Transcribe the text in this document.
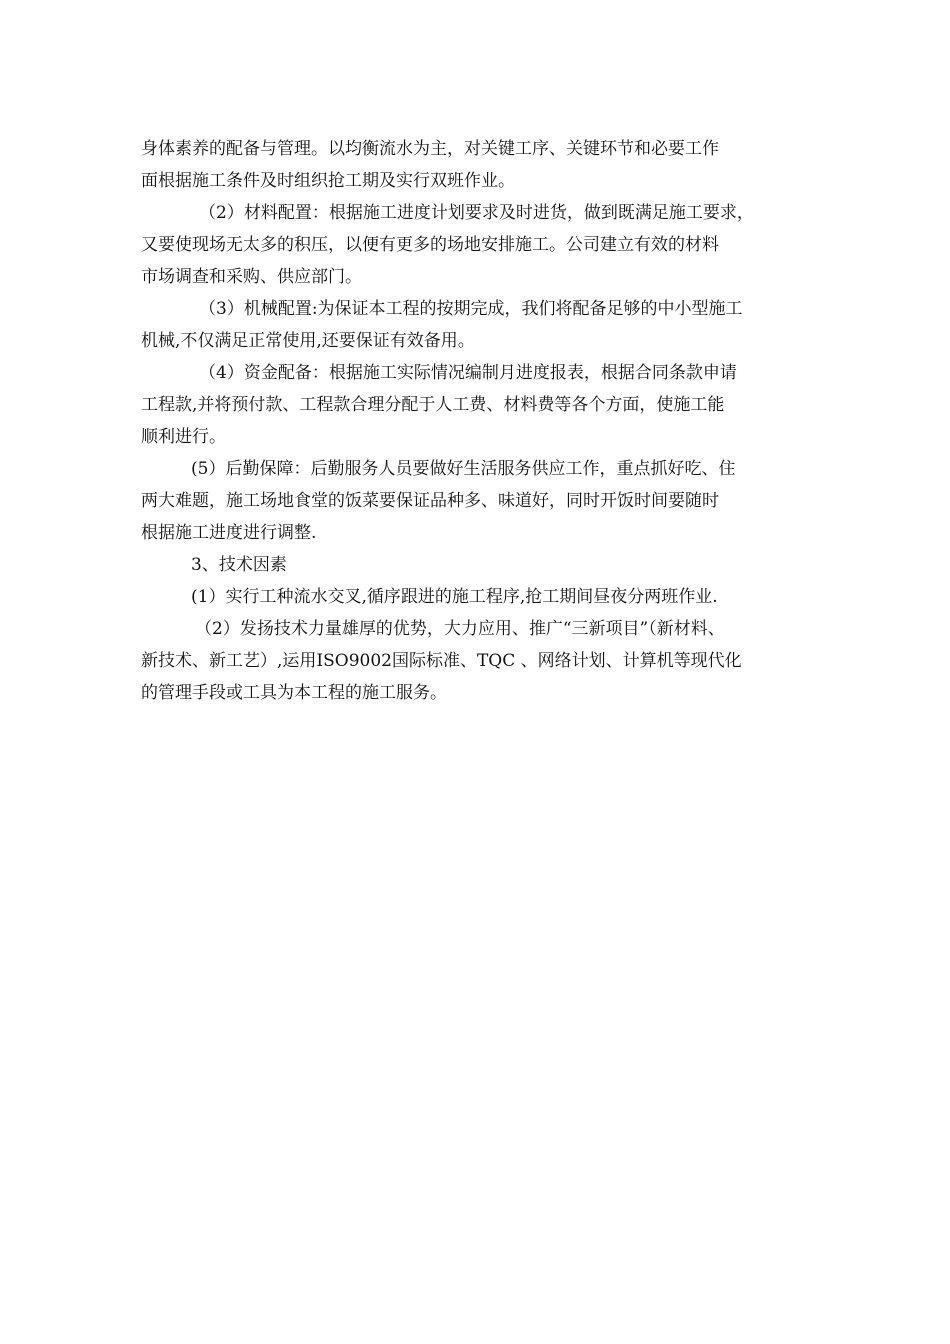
身体素养的配备与管理。以均衡流水为主，对关键工序、关键环节和必要工作
面根据施工条件及时组织抢工期及实行双班作业。
（2）材料配置：根据施工进度计划要求及时进货，做到既满足施工要求，
又要使现场无太多的积压，以便有更多的场地安排施工。公司建立有效的材料
市场调查和采购、供应部门。
（3）机械配置:为保证本工程的按期完成，我们将配备足够的中小型施工
机械,不仅满足正常使用,还要保证有效备用。
（4）资金配备：根据施工实际情况编制月进度报表，根据合同条款申请
工程款,并将预付款、工程款合理分配于人工费、材料费等各个方面，使施工能
顺利进行。
(5）后勤保障：后勤服务人员要做好生活服务供应工作，重点抓好吃、住
两大难题，施工场地食堂的饭菜要保证品种多、味道好，同时开饭时间要随时
根据施工进度进行调整.
3、技术因素
(1）实行工种流水交叉,循序跟进的施工程序,抢工期间昼夜分两班作业.
（2）发扬技术力量雄厚的优势，大力应用、推广“三新项目”（新材料、
新技术、新工艺）,运用ISO9002国际标准、TQC 、网络计划、计算机等现代化
的管理手段或工具为本工程的施工服务。
